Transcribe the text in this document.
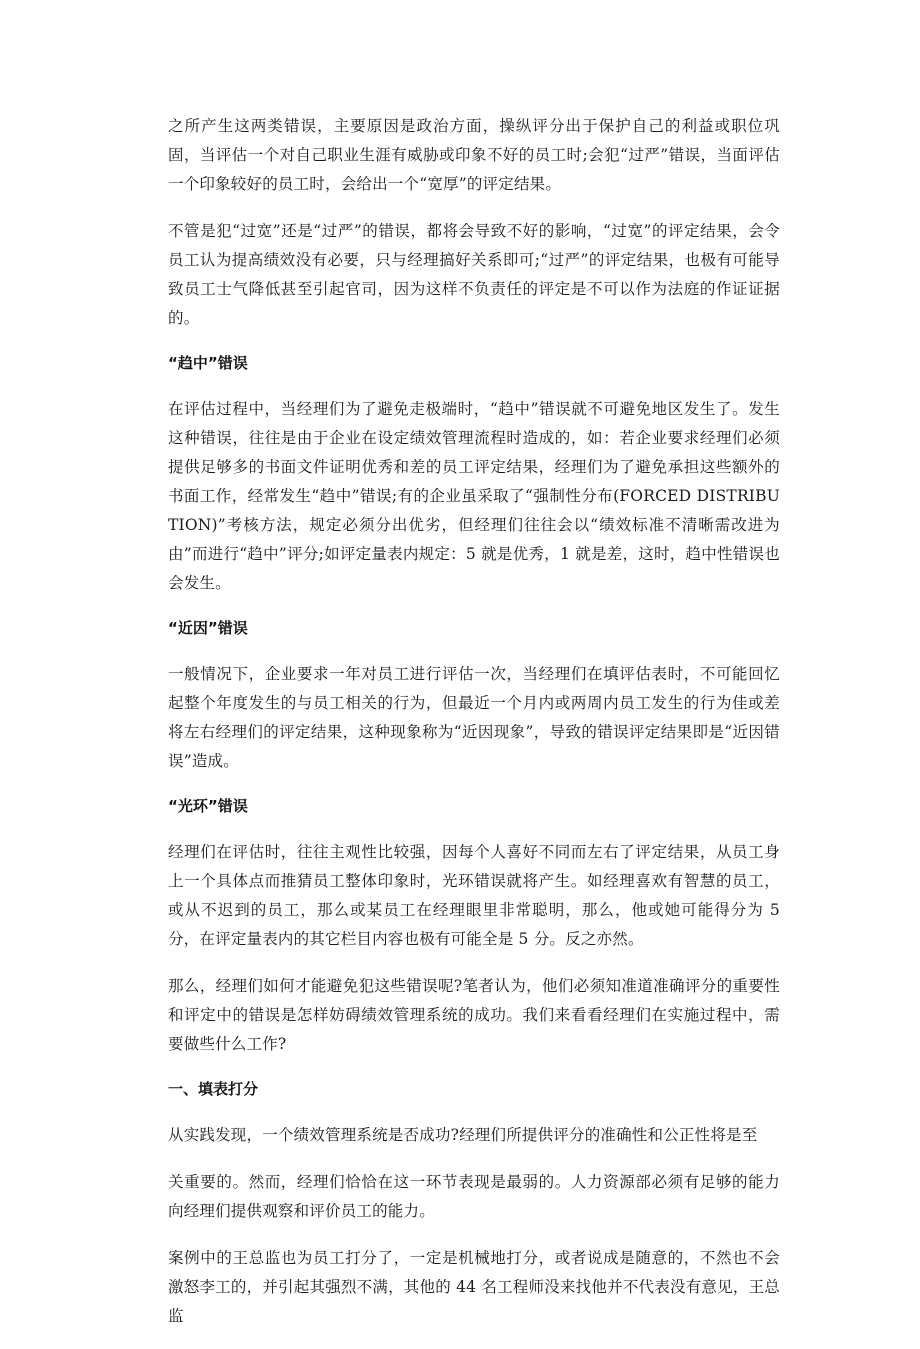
之所产生这两类错误，主要原因是政治方面，操纵评分出于保护自己的利益或职位巩固，当评估一个对自己职业生涯有威胁或印象不好的员工时;会犯“过严”错误，当面评估一个印象较好的员工时，会给出一个“宽厚”的评定结果。

不管是犯“过宽”还是“过严”的错误，都将会导致不好的影响，“过宽”的评定结果，会令员工认为提高绩效没有必要，只与经理搞好关系即可;“过严”的评定结果，也极有可能导致员工士气降低甚至引起官司，因为这样不负责任的评定是不可以作为法庭的作证证据的。

“趋中”错误

在评估过程中，当经理们为了避免走极端时，“趋中”错误就不可避免地区发生了。发生这种错误，往往是由于企业在设定绩效管理流程时造成的，如：若企业要求经理们必须提供足够多的书面文件证明优秀和差的员工评定结果，经理们为了避免承担这些额外的书面工作，经常发生“趋中”错误;有的企业虽采取了“强制性分布(FORCED DISTRIBUTION)”考核方法，规定必须分出优劣，但经理们往往会以“绩效标准不清晰需改进为由”而进行“趋中”评分;如评定量表内规定：5 就是优秀，1 就是差，这时，趋中性错误也会发生。

“近因”错误

一般情况下，企业要求一年对员工进行评估一次，当经理们在填评估表时，不可能回忆起整个年度发生的与员工相关的行为，但最近一个月内或两周内员工发生的行为佳或差将左右经理们的评定结果，这种现象称为“近因现象”，导致的错误评定结果即是“近因错误”造成。

“光环”错误

经理们在评估时，往往主观性比较强，因每个人喜好不同而左右了评定结果，从员工身上一个具体点而推猜员工整体印象时，光环错误就将产生。如经理喜欢有智慧的员工，或从不迟到的员工，那么或某员工在经理眼里非常聪明，那么，他或她可能得分为 5 分，在评定量表内的其它栏目内容也极有可能全是 5 分。反之亦然。

那么，经理们如何才能避免犯这些错误呢?笔者认为，他们必须知准道准确评分的重要性和评定中的错误是怎样妨碍绩效管理系统的成功。我们来看看经理们在实施过程中，需要做些什么工作?

一、填表打分

从实践发现，一个绩效管理系统是否成功?经理们所提供评分的准确性和公正性将是至

关重要的。然而，经理们恰恰在这一环节表现是最弱的。人力资源部必须有足够的能力向经理们提供观察和评价员工的能力。

案例中的王总监也为员工打分了，一定是机械地打分，或者说成是随意的，不然也不会激怒李工的，并引起其强烈不满，其他的 44 名工程师没来找他并不代表没有意见，王总监
